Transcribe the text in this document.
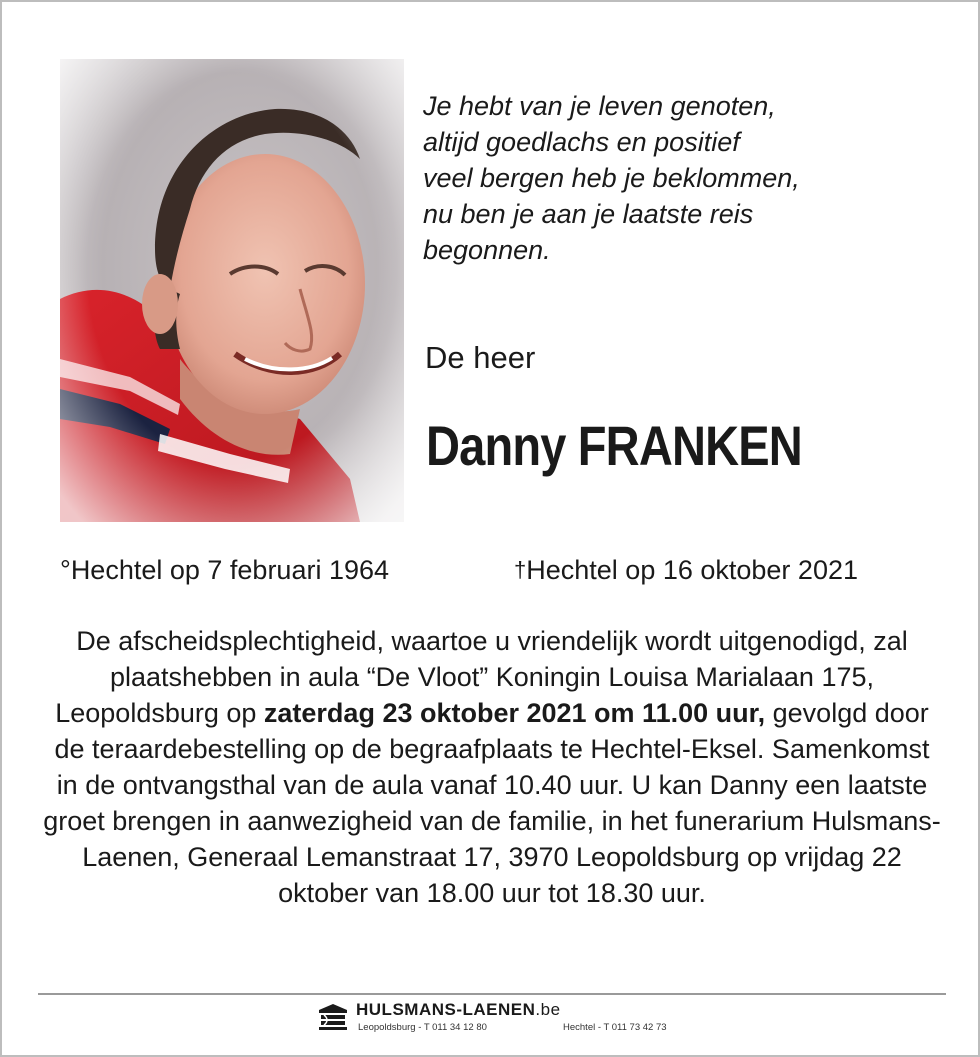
Je hebt van je leven genoten,
altijd goedlachs en positief
veel bergen heb je beklommen,
nu ben je aan je laatste reis
begonnen.
De heer
Danny FRANKEN
°Hechtel op 7 februari 1964	†Hechtel op 16 oktober 2021
De afscheidsplechtigheid, waartoe u vriendelijk wordt uitgenodigd, zal plaatshebben in aula “De Vloot” Koningin Louisa Marialaan 175, Leopoldsburg op zaterdag 23 oktober 2021 om 11.00 uur, gevolgd door de teraardebestelling op de begraafplaats te Hechtel-Eksel. Samenkomst in de ontvangsthal van de aula vanaf 10.40 uur. U kan Danny een laatste groet brengen in aanwezigheid van de familie, in het funerarium Hulsmans-Laenen, Generaal Lemanstraat 17, 3970 Leopoldsburg op vrijdag 22 oktober van 18.00 uur tot 18.30 uur.
HULSMANS-LAENEN.be
Leopoldsburg - T 011 34 12 80	Hechtel - T 011 73 42 73
